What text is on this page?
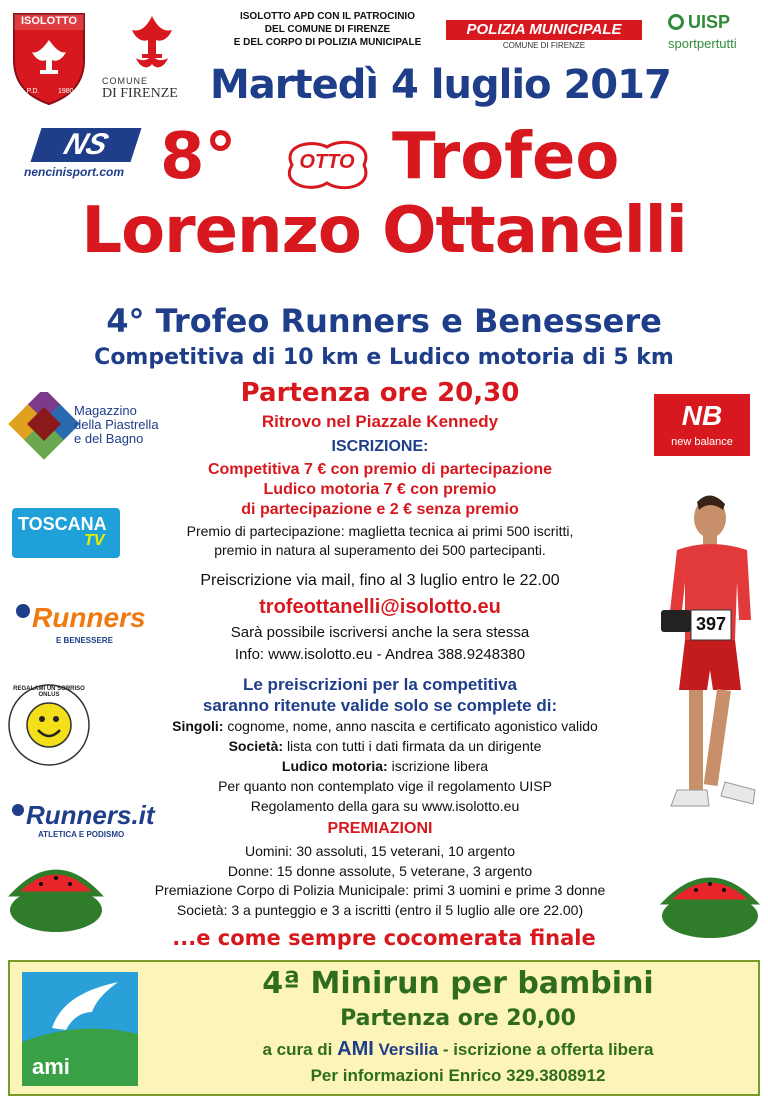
ISOLOTTO
A.P.D.	1980
COMUNE
DI FIRENZE
ISOLOTTO APD CON IL PATROCINIO
DEL COMUNE DI FIRENZE
E DEL CORPO DI POLIZIA MUNICIPALE
POLIZIA MUNICIPALE
COMUNE DI FIRENZE
UISP
sportpertutti
Martedì 4 luglio 2017
NS
nencinisport.com 8°	OTTO Trofeo
Lorenzo Ottanelli
4° Trofeo Runners e Benessere
Competitiva di 10 km e Ludico motoria di 5 km
Partenza ore 20,30
Ritrovo nel Piazzale Kennedy
Magazzino
della Piastrella
e del Bagno
TOSCANA
TV
Runners
E BENESSERE
REGALAMI UN SORRISO ONLUS
Runners.it
ATLETICA E PODISMO
NB
new balance
397
ISCRIZIONE:
Competitiva 7 € con premio di partecipazione
Ludico motoria 7 € con premio
di partecipazione e 2 € senza premio
Premio di partecipazione: maglietta tecnica ai primi 500 iscritti,
premio in natura al superamento dei 500 partecipanti.
Preiscrizione via mail, fino al 3 luglio entro le 22.00
trofeottanelli@isolotto.eu
Sarà possibile iscriversi anche la sera stessa
Info: www.isolotto.eu - Andrea 388.9248380
Le preiscrizioni per la competitiva
saranno ritenute valide solo se complete di:
Singoli: cognome, nome, anno nascita e certificato agonistico valido
Società: lista con tutti i dati firmata da un dirigente
Ludico motoria: iscrizione libera
Per quanto non contemplato vige il regolamento UISP
Regolamento della gara su www.isolotto.eu
PREMIAZIONI
Uomini: 30 assoluti, 15 veterani, 10 argento
Donne: 15 donne assolute, 5 veterane, 3 argento
Premiazione Corpo di Polizia Municipale: primi 3 uomini e prime 3 donne
Società: 3 a punteggio e 3 a iscritti (entro il 5 luglio alle ore 22.00)
...e come sempre cocomerata finale
ami
4ª Minirun per bambini
Partenza ore 20,00
a cura di AMI Versilia - iscrizione a offerta libera
Per informazioni Enrico 329.3808912
